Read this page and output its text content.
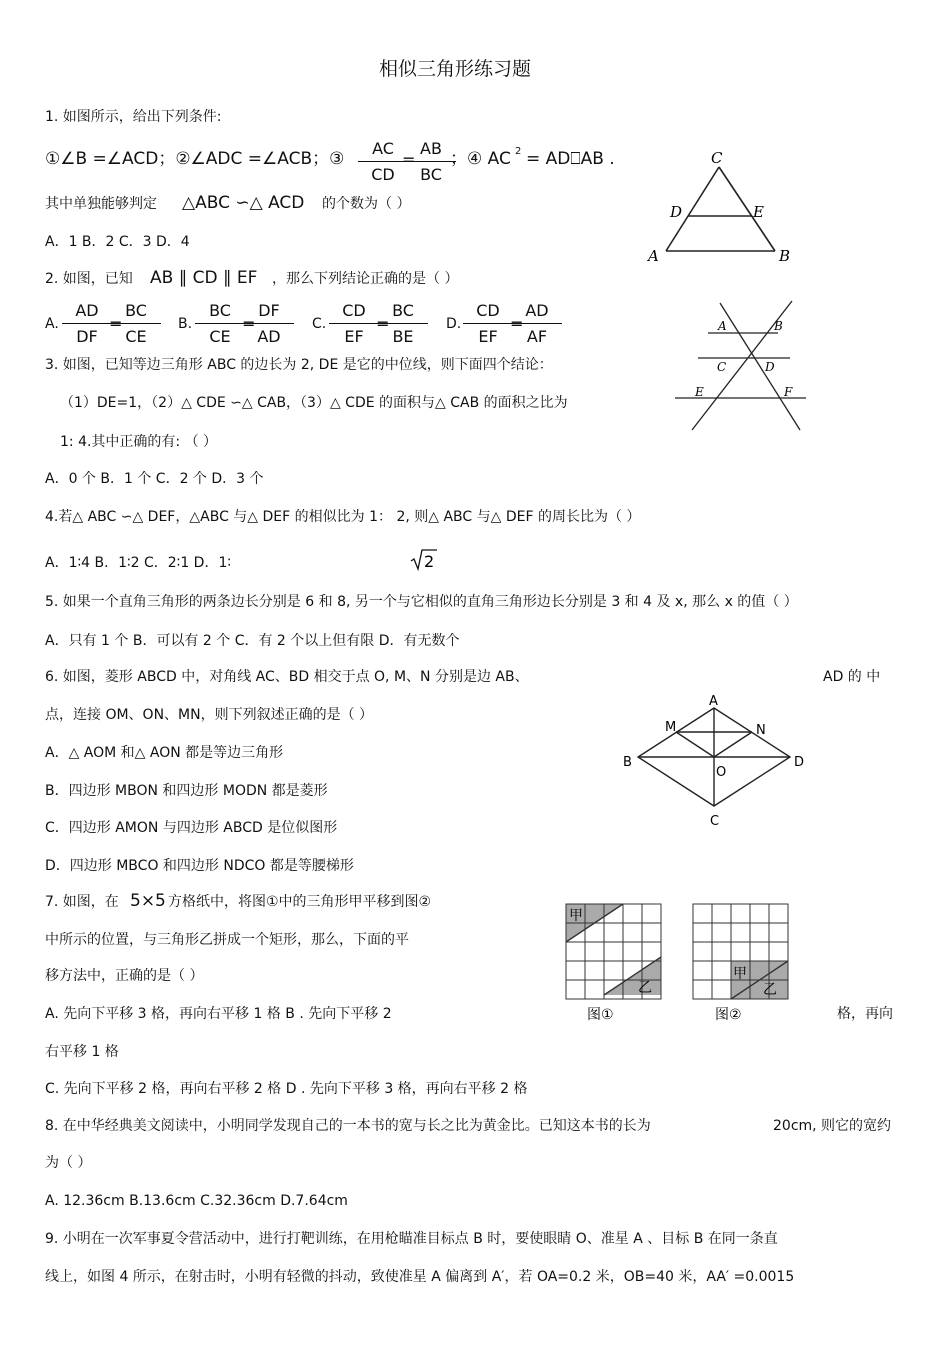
相似三角形练习题
1. 如图所示，给出下列条件:
①∠B =∠ACD；②∠ADC =∠ACB；③ $\frac{AC}{CD}$
=
$\frac{AB}{BC}$
；④ AC 2 = AD⎕AB .
其中单独能够判定 △ABC ∽△ ACD 的个数为（ ）
A．1 B．2 C．3 D．4
C
D	E
A	B
2. 如图，已知 AB ∥ CD ∥ EF ，那么下列结论正确的是（ ）
A. $\frac{AD}{DF}$
=
$\frac{BC}{CE} B$. $\frac{BC}{CE}$
=
$\frac{DF}{AD} C$. $\frac{CD}{EF}$
=
$\frac{BC}{BE} D$. $\frac{CD}{EF}$
=
$\frac{AD}{AF}$	A	B
C	D
E	F
3. 如图，已知等边三角形 ABC 的边长为 2, DE 是它的中位线，则下面四个结论：
（1）DE=1，（2）△ CDE ∽△ CAB，（3）△ CDE 的面积与△ CAB 的面积之比为
1: 4.其中正确的有: （ ）
A．0 个 B．1 个 C．2 个 D．3 个
4.若△ ABC ∽△ DEF，△ABC 与△ DEF 的相似比为 1： 2, 则△ ABC 与△ DEF 的周长比为（ ）
A．1∶4 B．1∶2 C．2∶1 D．1∶	2
5. 如果一个直角三角形的两条边长分别是 6 和 8, 另一个与它相似的直角三角形边长分别是 3 和 4 及 x, 那么 x 的值（ ）
A．只有 1 个 B．可以有 2 个 C．有 2 个以上但有限 D．有无数个
6. 如图，菱形 ABCD 中，对角线 AC、BD 相交于点 O, M、N 分别是边 AB、	AD 的 中
点，连接 OM、ON、MN，则下列叙述正确的是（ ）
A．△ AOM 和△ AON 都是等边三角形
B．四边形 MBON 和四边形 MODN 都是菱形
C．四边形 AMON 与四边形 ABCD 是位似图形
D．四边形 MBCO 和四边形 NDCO 都是等腰梯形
A
M	N
B
O
D
C
7. 如图，在 5×5 方格纸中，将图①中的三角形甲平移到图②
中所示的位置，与三角形乙拼成一个矩形，那么，下面的平
移方法中，正确的是（ ）
A. 先向下平移 3 格，再向右平移 1 格 B . 先向下平移 2	格，再向
右平移 1 格
C. 先向下平移 2 格，再向右平移 2 格 D . 先向下平移 3 格，再向右平移 2 格
甲
乙
甲
乙
图①	图②
8. 在中华经典美文阅读中，小明同学发现自己的一本书的宽与长之比为黄金比。已知这本书的长为	20cm, 则它的宽约
为（ ）
A. 12.36cm B.13.6cm C.32.36cm D.7.64cm
9. 小明在一次军事夏令营活动中，进行打靶训练，在用枪瞄准目标点 B 时，要使眼睛 O、准星 A 、目标 B 在同一条直
线上，如图 4 所示，在射击时，小明有轻微的抖动，致使准星 A 偏离到 A′，若 OA=0.2 米，OB=40 米，AA′ =0.0015
